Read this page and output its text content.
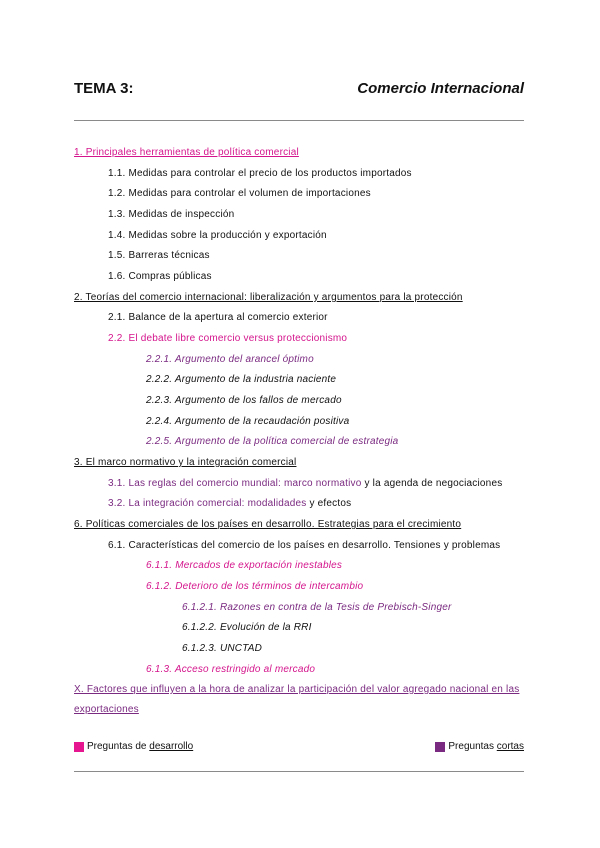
TEMA 3:	Comercio Internacional
1. Principales herramientas de política comercial
1.1. Medidas para controlar el precio de los productos importados
1.2. Medidas para controlar el volumen de importaciones
1.3. Medidas de inspección
1.4. Medidas sobre la producción y exportación
1.5. Barreras técnicas
1.6. Compras públicas
2. Teorías del comercio internacional: liberalización y argumentos para la protección
2.1. Balance de la apertura al comercio exterior
2.2. El debate libre comercio versus proteccionismo
2.2.1. Argumento del arancel óptimo
2.2.2. Argumento de la industria naciente
2.2.3. Argumento de los fallos de mercado
2.2.4. Argumento de la recaudación positiva
2.2.5. Argumento de la política comercial de estrategia
3. El marco normativo y la integración comercial
3.1. Las reglas del comercio mundial: marco normativo y la agenda de negociaciones
3.2. La integración comercial: modalidades y efectos
6. Políticas comerciales de los países en desarrollo. Estrategias para el crecimiento
6.1. Características del comercio de los países en desarrollo. Tensiones y problemas
6.1.1. Mercados de exportación inestables
6.1.2. Deterioro de los términos de intercambio
6.1.2.1. Razones en contra de la Tesis de Prebisch-Singer
6.1.2.2. Evolución de la RRI
6.1.2.3. UNCTAD
6.1.3. Acceso restringido al mercado
X. Factores que influyen a la hora de analizar la participación del valor agregado nacional en las exportaciones
Preguntas de desarrollo	Preguntas cortas
